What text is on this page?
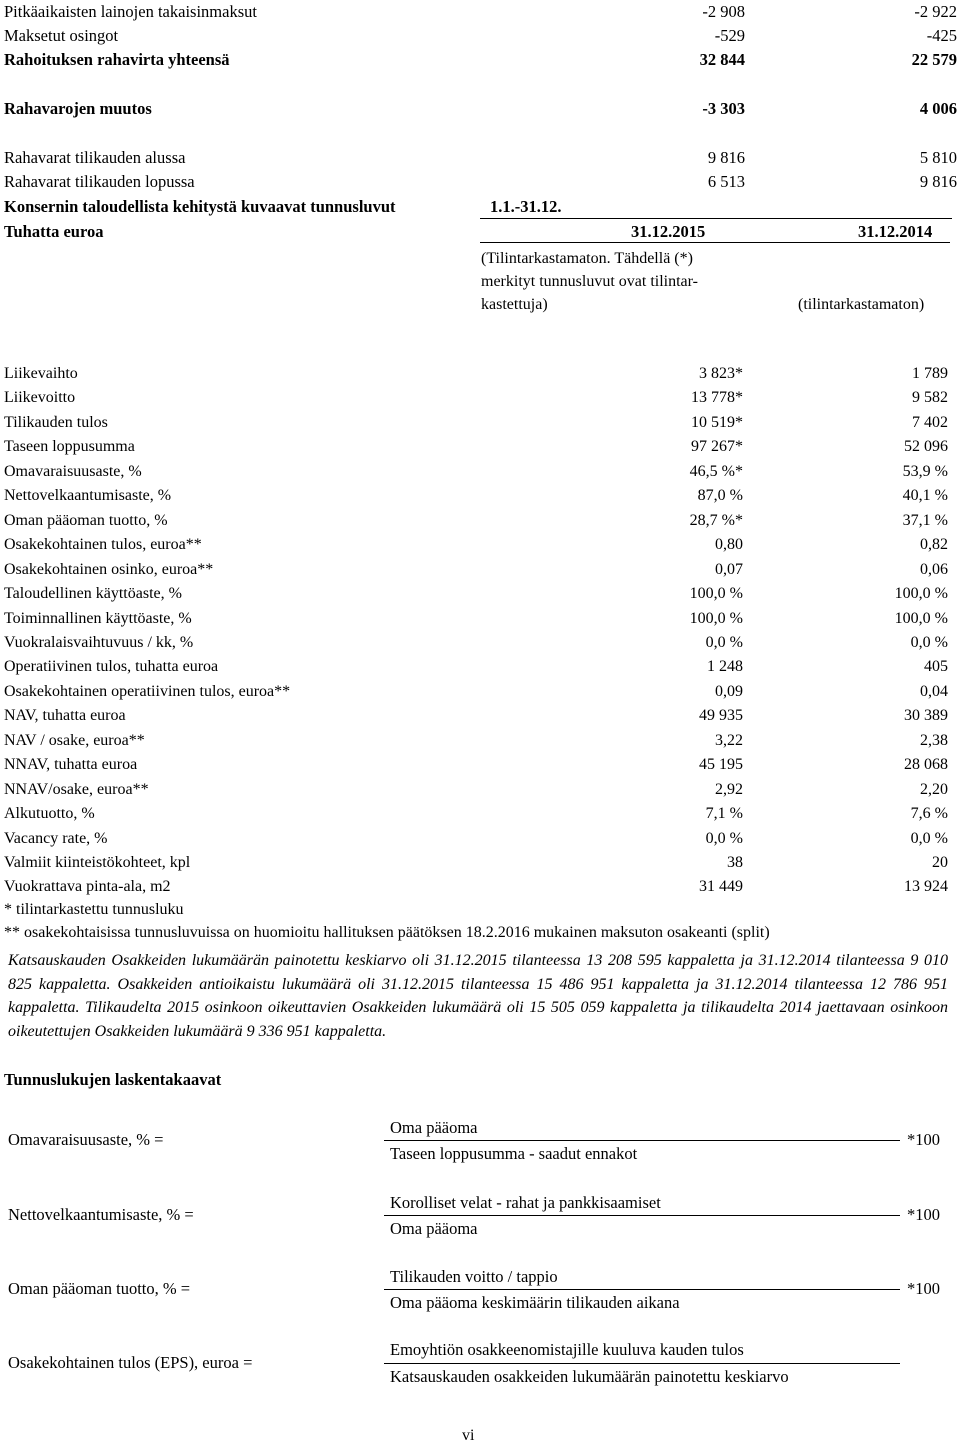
Pitkäaikaisten lainojen takaisinmaksut	-2 908	-2 922
Maksetut osingot	-529	-425
Rahoituksen rahavirta yhteensä	32 844	22 579
Rahavarojen muutos	-3 303	4 006
Rahavarat tilikauden alussa	9 816	5 810
Rahavarat tilikauden lopussa	6 513	9 816
Konsernin taloudellista kehitystä kuvaavat tunnusluvut	1.1.-31.12.
Tuhatta euroa	31.12.2015	31.12.2014
(Tilintarkastamaton. Tähdellä (*)
merkityt tunnusluvut ovat tilintar-
kastettuja)	(tilintarkastamaton)
Liikevaihto	3 823*	1 789
Liikevoitto	13 778*	9 582
Tilikauden tulos	10 519*	7 402
Taseen loppusumma	97 267*	52 096
Omavaraisuusaste, %	46,5 %*	53,9 %
Nettovelkaantumisaste, %	87,0 %	40,1 %
Oman pääoman tuotto, %	28,7 %*	37,1 %
Osakekohtainen tulos, euroa**	0,80	0,82
Osakekohtainen osinko, euroa**	0,07	0,06
Taloudellinen käyttöaste, %	100,0 %	100,0 %
Toiminnallinen käyttöaste, %	100,0 %	100,0 %
Vuokralaisvaihtuvuus / kk, %	0,0 %	0,0 %
Operatiivinen tulos, tuhatta euroa	1 248	405
Osakekohtainen operatiivinen tulos, euroa**	0,09	0,04
NAV, tuhatta euroa	49 935	30 389
NAV / osake, euroa**	3,22	2,38
NNAV, tuhatta euroa	45 195	28 068
NNAV/osake, euroa**	2,92	2,20
Alkutuotto, %	7,1 %	7,6 %
Vacancy rate, %	0,0 %	0,0 %
Valmiit kiinteistökohteet, kpl	38	20
Vuokrattava pinta-ala, m2	31 449	13 924
* tilintarkastettu tunnusluku
** osakekohtaisissa tunnusluvuissa on huomioitu hallituksen päätöksen 18.2.2016 mukainen maksuton osakeanti (split)
Katsauskauden Osakkeiden lukumäärän painotettu keskiarvo oli 31.12.2015 tilanteessa 13 208 595 kappaletta ja 31.12.2014 tilanteessa 9 010 825 kappaletta. Osakkeiden antioikaistu lukumäärä oli 31.12.2015 tilanteessa 15 486 951 kappaletta ja 31.12.2014 tilanteessa 12 786 951 kappaletta. Tilikaudelta 2015 osinkoon oikeuttavien Osakkeiden lukumäärä oli 15 505 059 kappaletta ja tilikaudelta 2014 jaettavaan osinkoon oikeutettujen Osakkeiden lukumäärä 9 336 951 kappaletta.
Tunnuslukujen laskentakaavat
Omavaraisuusaste, % =
Oma pääoma
Taseen loppusumma - saadut ennakot
*100
Nettovelkaantumisaste, % =
Korolliset velat - rahat ja pankkisaamiset
Oma pääoma
*100
Oman pääoman tuotto, % =
Tilikauden voitto / tappio
Oma pääoma keskimäärin tilikauden aikana
*100
Osakekohtainen tulos (EPS), euroa =
Emoyhtiön osakkeenomistajille kuuluva kauden tulos
Katsauskauden osakkeiden lukumäärän painotettu keskiarvo
vi
